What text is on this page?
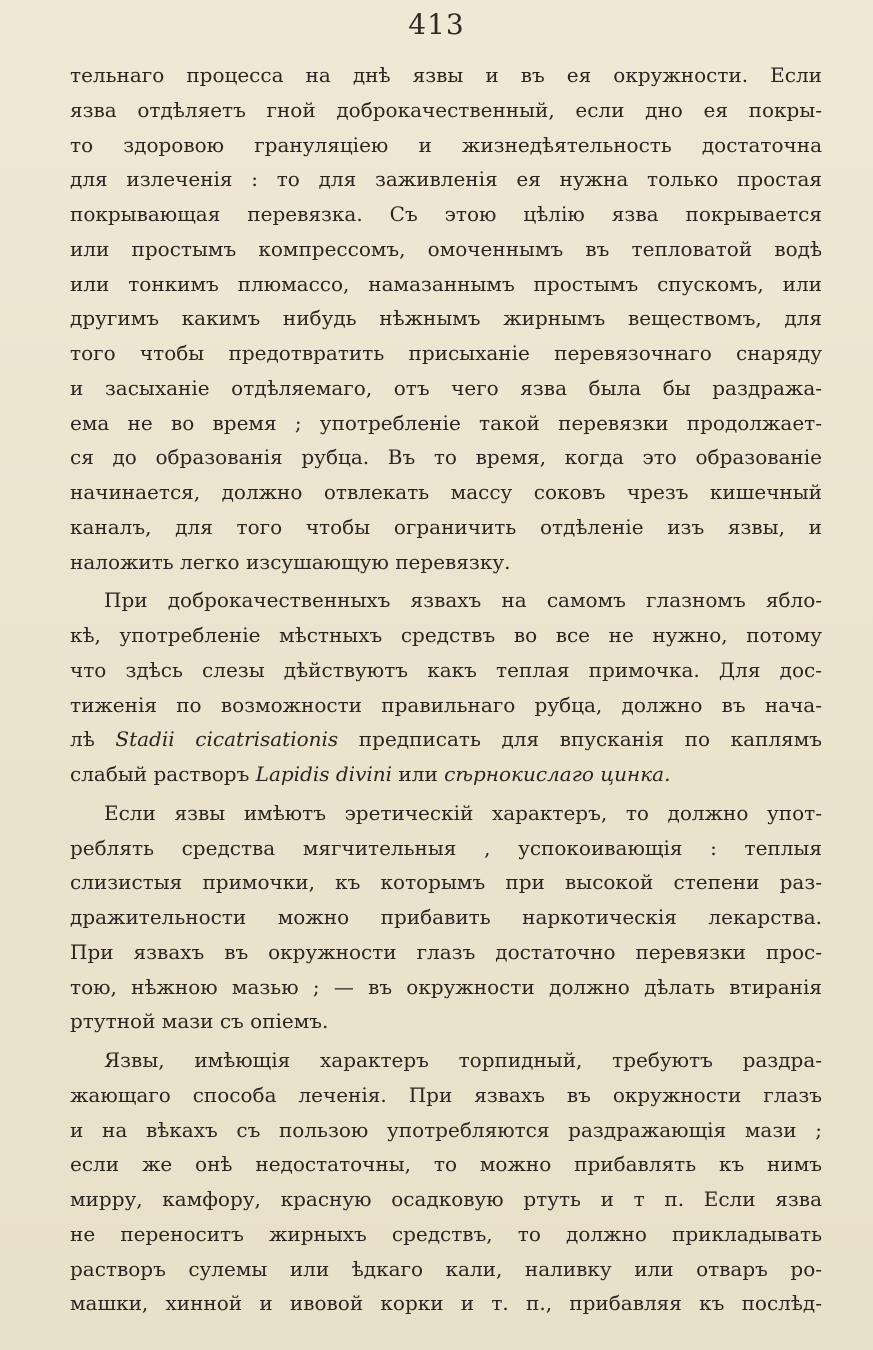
413
тельнаго процесса на днѣ язвы и въ ея окружности. Если
язва отдѣляетъ гной доброкачественный, если дно ея покры-
то здоровою грануляціею и жизнедѣятельность достаточна
для излеченія : то для заживленія ея нужна только простая
покрывающая перевязка. Съ этою цѣлію язва покрывается
или простымъ компрессомъ, омоченнымъ въ тепловатой водѣ
или тонкимъ плюмассо, намазаннымъ простымъ спускомъ, или
другимъ какимъ нибудь нѣжнымъ жирнымъ веществомъ, для
того чтобы предотвратить присыханіе перевязочнаго снаряду
и засыханіе отдѣляемаго, отъ чего язва была бы раздража-
ема не во время ; употребленіе такой перевязки продолжает-
ся до образованія рубца. Въ то время, когда это образованіе
начинается, должно отвлекать массу соковъ чрезъ кишечный
каналъ, для того чтобы ограничить отдѣленіе изъ язвы, и
наложить легко изсушающую перевязку.
При доброкачественныхъ язвахъ на самомъ глазномъ ябло-
кѣ, употребленіе мѣстныхъ средствъ во все не нужно, потому
что здѣсь слезы дѣйствуютъ какъ теплая примочка. Для дос-
тиженія по возможности правильнаго рубца, должно въ нача-
лѣ Stadii cicatrisationis предписать для впусканія по каплямъ
слабый растворъ Lapidis divini или сѣрнокислаго цинка.
Если язвы имѣютъ эретическій характеръ, то должно упот-
реблять средства мягчительныя , успокоивающія : теплыя
слизистыя примочки, къ которымъ при высокой степени раз-
дражительности можно прибавить наркотическія лекарства.
При язвахъ въ окружности глазъ достаточно перевязки прос-
тою, нѣжною мазью ; — въ окружности должно дѣлать втиранія
ртутной мази съ опіемъ.
Язвы, имѣющія характеръ торпидный, требуютъ раздра-
жающаго способа леченія. При язвахъ въ окружности глазъ
и на вѣкахъ съ пользою употребляются раздражающія мази ;
если же онѣ недостаточны, то можно прибавлять къ нимъ
мирру, камфору, красную осадковую ртуть и т п. Если язва
не переноситъ жирныхъ средствъ, то должно прикладывать
растворъ сулемы или ѣдкаго кали, наливку или отваръ ро-
машки, хинной и ивовой корки и т. п., прибавляя къ послѣд-
